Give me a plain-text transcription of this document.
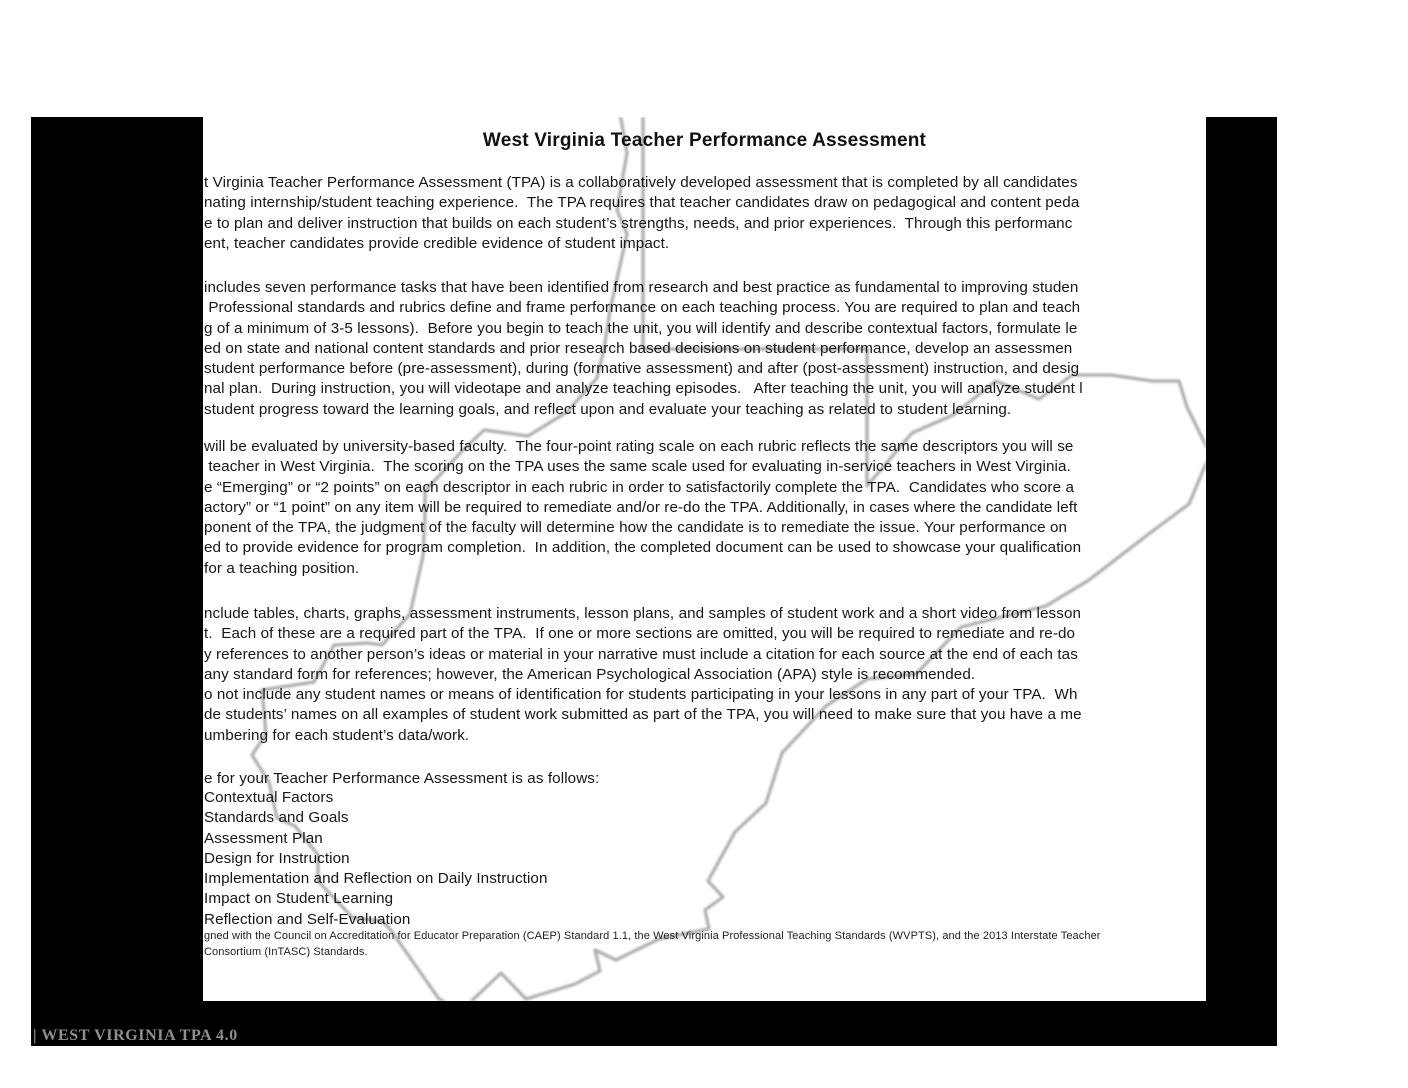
West Virginia Teacher Performance Assessment
t Virginia Teacher Performance Assessment (TPA) is a collaboratively developed assessment that is completed by all candidates
nating internship/student teaching experience.  The TPA requires that teacher candidates draw on pedagogical and content peda
e to plan and deliver instruction that builds on each student’s strengths, needs, and prior experiences.  Through this performanc
ent, teacher candidates provide credible evidence of student impact.
includes seven performance tasks that have been identified from research and best practice as fundamental to improving studen
Professional standards and rubrics define and frame performance on each teaching process. You are required to plan and teach
g of a minimum of 3-5 lessons).  Before you begin to teach the unit, you will identify and describe contextual factors, formulate le
ed on state and national content standards and prior research based decisions on student performance, develop an assessmen
student performance before (pre-assessment), during (formative assessment) and after (post-assessment) instruction, and desig
nal plan.  During instruction, you will videotape and analyze teaching episodes.   After teaching the unit, you will analyze student l
student progress toward the learning goals, and reflect upon and evaluate your teaching as related to student learning.
will be evaluated by university-based faculty.  The four-point rating scale on each rubric reflects the same descriptors you will se
teacher in West Virginia.  The scoring on the TPA uses the same scale used for evaluating in-service teachers in West Virginia.
e “Emerging” or “2 points” on each descriptor in each rubric in order to satisfactorily complete the TPA.  Candidates who score a
actory” or “1 point” on any item will be required to remediate and/or re-do the TPA. Additionally, in cases where the candidate left
ponent of the TPA, the judgment of the faculty will determine how the candidate is to remediate the issue. Your performance on
ed to provide evidence for program completion.  In addition, the completed document can be used to showcase your qualification
for a teaching position.
nclude tables, charts, graphs, assessment instruments, lesson plans, and samples of student work and a short video from lesson
t.  Each of these are a required part of the TPA.  If one or more sections are omitted, you will be required to remediate and re-do
y references to another person’s ideas or material in your narrative must include a citation for each source at the end of each tas
any standard form for references; however, the American Psychological Association (APA) style is recommended.
o not include any student names or means of identification for students participating in your lessons in any part of your TPA.  Wh
de students’ names on all examples of student work submitted as part of the TPA, you will need to make sure that you have a me
umbering for each student’s data/work.
e for your Teacher Performance Assessment is as follows:
Contextual Factors
Standards and Goals
Assessment Plan
Design for Instruction
Implementation and Reflection on Daily Instruction
Impact on Student Learning
Reflection and Self-Evaluation
gned with the Council on Accreditation for Educator Preparation (CAEP) Standard 1.1, the West Virginia Professional Teaching Standards (WVPTS), and the 2013 Interstate Teacher
Consortium (InTASC) Standards.
| WEST VIRGINIA TPA 4.0
